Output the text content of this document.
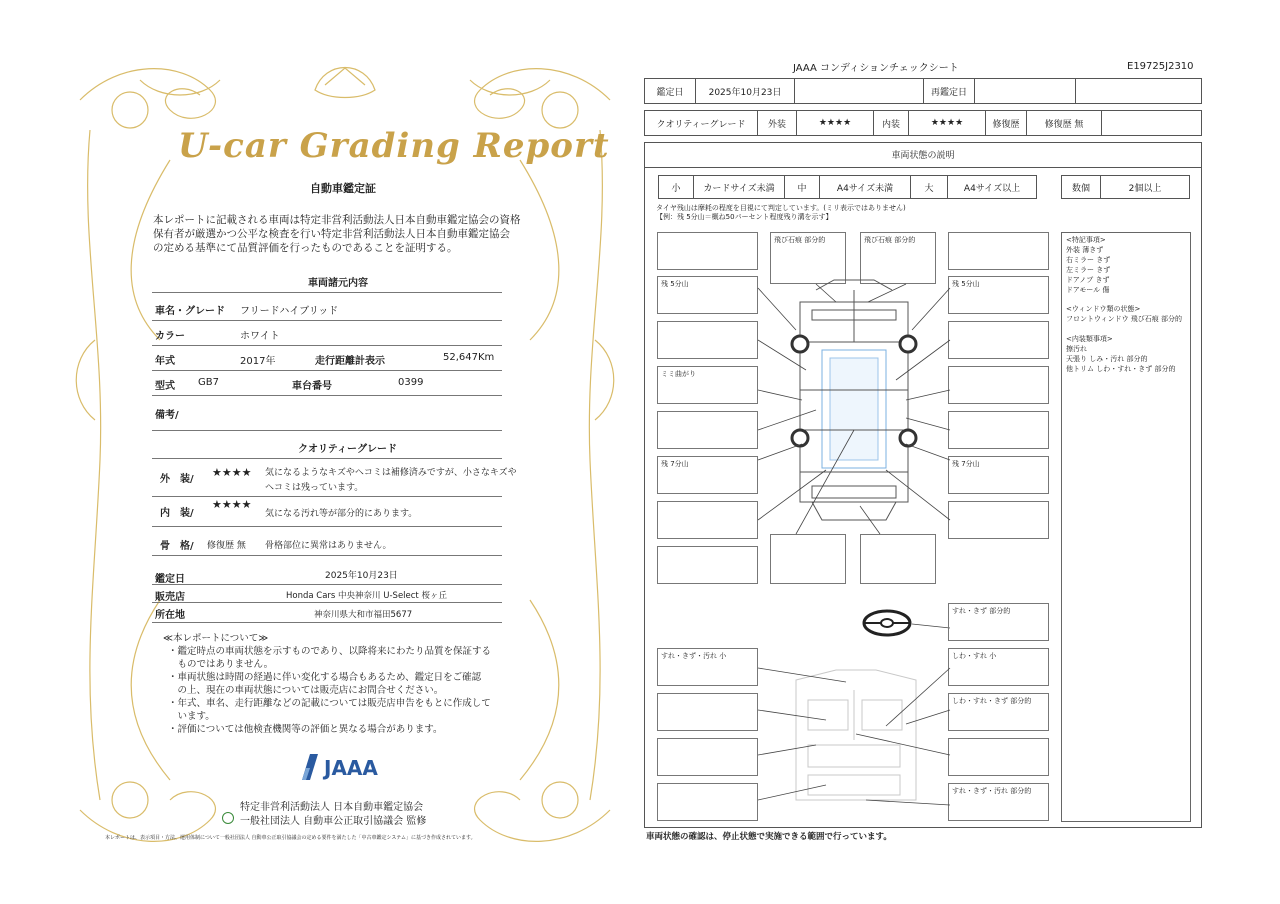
U-car Grading Report
自動車鑑定証
本レポートに記載される車両は特定非営利活動法人日本自動車鑑定協会の資格
保有者が厳選かつ公平な検査を行い特定非営利活動法人日本自動車鑑定協会
の定める基準にて品質評価を行ったものであることを証明する。
車両諸元内容
車名・グレード フリードハイブリッド
カラー	ホワイト
年式	2017年	走行距離計表示	52,647Km
型式 GB7	車台番号	0399
備考/
クオリティーグレード
外　装/
★★★★ 気になるようなキズやヘコミは補修済みですが、小さなキズや
ヘコミは残っています。
内　装/
★★★★
気になる汚れ等が部分的にあります。
骨　格/ 修復歴 無 骨格部位に異常はありません。
鑑定日	2025年10月23日
販売店	Honda Cars 中央神奈川 U-Select 桜ヶ丘
所在地	神奈川県大和市福田5677
≪本レポートについて≫
・鑑定時点の車両状態を示すものであり、以降将来にわたり品質を保証する
　ものではありません。
・車両状態は時間の経過に伴い変化する場合もあるため、鑑定日をご確認
　の上、現在の車両状態については販売店にお問合せください。
・年式、車名、走行距離などの記載については販売店申告をもとに作成して
　います。
・評価については他検査機関等の評価と異なる場合があります。
JAAA
特定非営利活動法人 日本自動車鑑定協会
一般社団法人 自動車公正取引協議会 監修
本レポートは、表示項目・方法、運用体制について一般社団法人 自動車公正取引協議会の定める要件を満たした「中古車鑑定システム」に基づき作成されています。
JAAA コンディションチェックシート	E19725J2310
鑑定日	2025年10月23日	再鑑定日
クオリティーグレード	外装	★★★★	内装	★★★★	修復歴	修復歴 無
車両状態の説明
小	カードサイズ未満	中	A4サイズ未満	大	A4サイズ以上	数個	2個以上
タイヤ残山は摩耗の程度を目視にて判定しています。(ミリ表示ではありません)
【例：残 5分山＝概ね50パーセント程度残り溝を示す】
飛び石痕 部分的	飛び石痕 部分的
残 5分山	残 5分山
ミミ曲がり
残 7分山	残 7分山
すれ・きず 部分的
すれ・きず・汚れ 小	しわ・すれ 小
しわ・すれ・きず 部分的
すれ・きず・汚れ 部分的
<特記事項>
外装 薄きず
右ミラー きず
左ミラー きず
ドアノブ きず
ドアモール 傷
<ウィンドウ類の状態>
フロントウィンドウ 飛び石痕 部分的
<内装類事項>
擦汚れ
天張り しみ・汚れ 部分的
他トリム しわ・すれ・きず 部分的
車両状態の確認は、停止状態で実施できる範囲で行っています。
